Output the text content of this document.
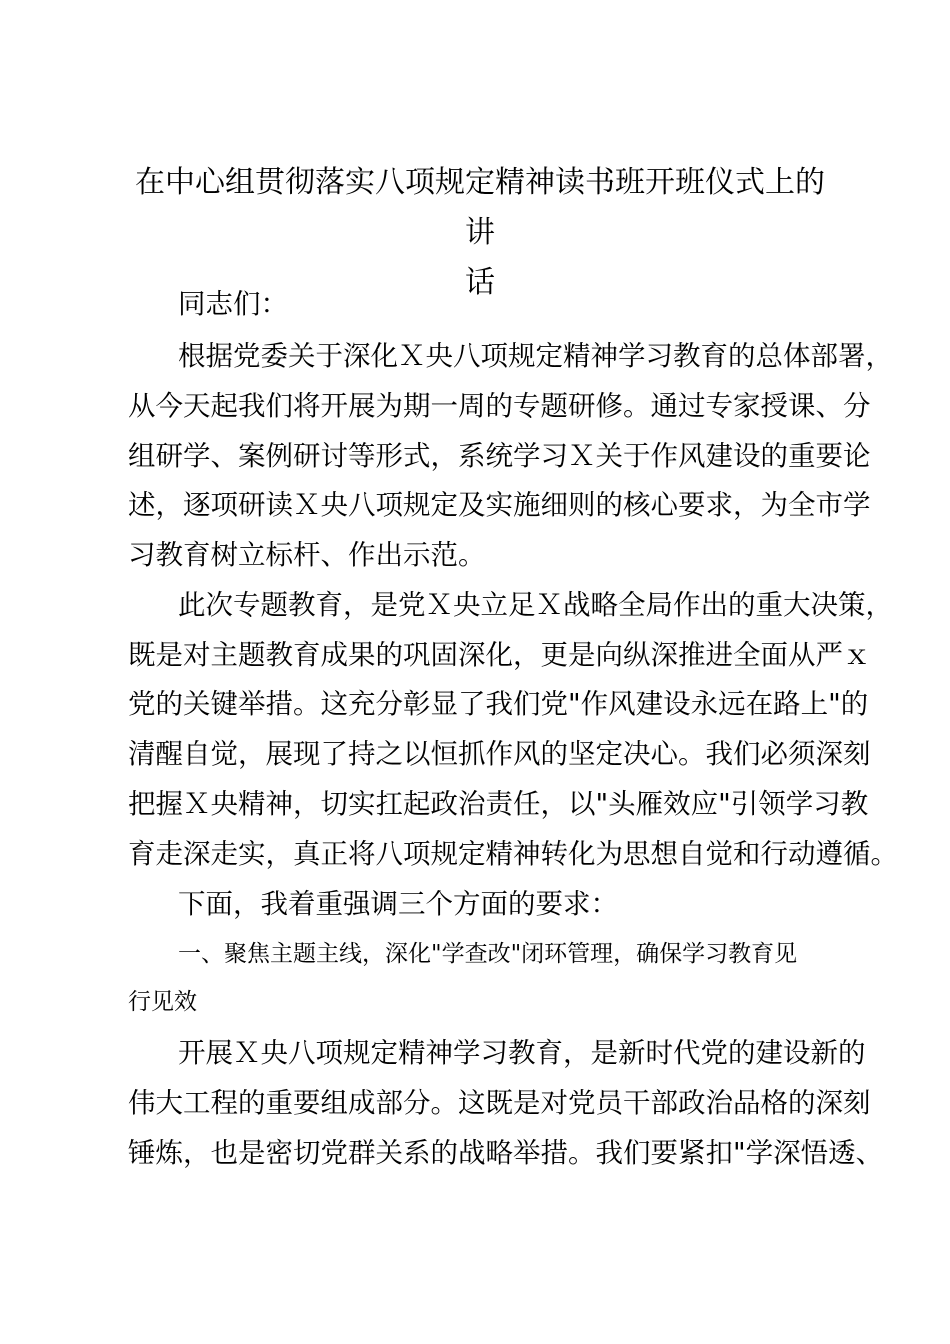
在中心组贯彻落实八项规定精神读书班开班仪式上的讲
话
同志们：
根据党委关于深化Ｘ央八项规定精神学习教育的总体部署，
从今天起我们将开展为期一周的专题研修。通过专家授课、分
组研学、案例研讨等形式，系统学习Ｘ关于作风建设的重要论
述，逐项研读Ｘ央八项规定及实施细则的核心要求，为全市学
习教育树立标杆、作出示范。
此次专题教育，是党Ｘ央立足Ｘ战略全局作出的重大决策，
既是对主题教育成果的巩固深化，更是向纵深推进全面从严ｘ
党的关键举措。这充分彰显了我们党"作风建设永远在路上"的
清醒自觉，展现了持之以恒抓作风的坚定决心。我们必须深刻
把握Ｘ央精神，切实扛起政治责任，以"头雁效应"引领学习教
育走深走实，真正将八项规定精神转化为思想自觉和行动遵循。
下面，我着重强调三个方面的要求：
一、聚焦主题主线，深化"学查改"闭环管理，确保学习教育见
行见效
开展Ｘ央八项规定精神学习教育，是新时代党的建设新的
伟大工程的重要组成部分。这既是对党员干部政治品格的深刻
锤炼，也是密切党群关系的战略举措。我们要紧扣"学深悟透、
